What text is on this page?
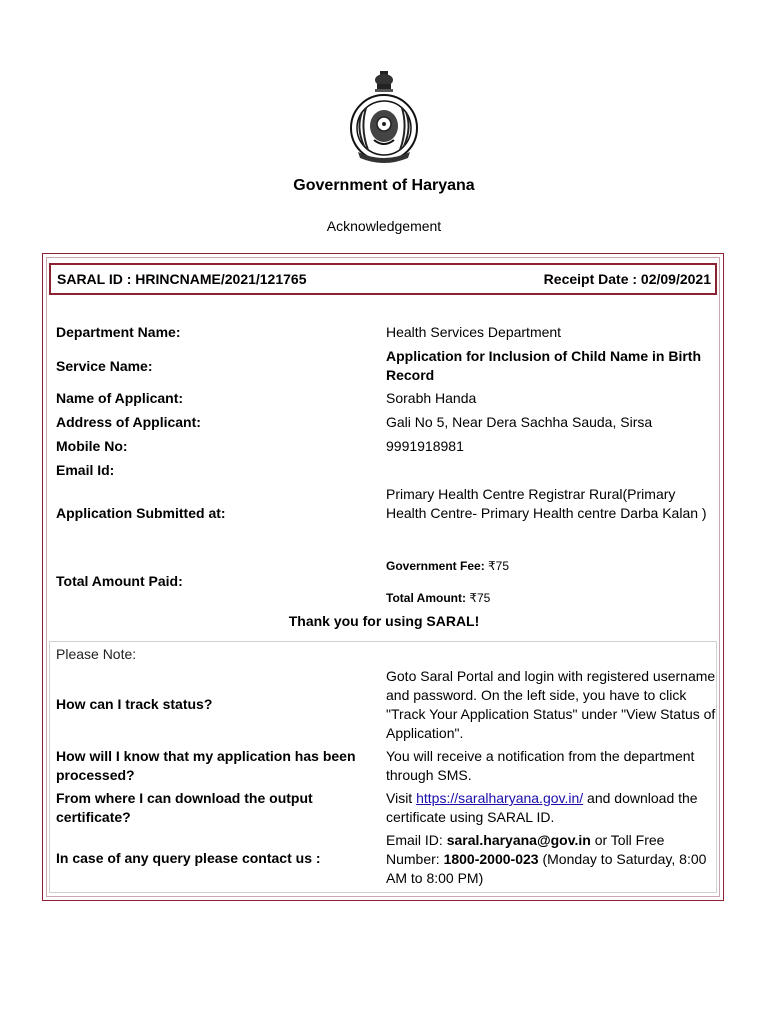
Government of Haryana
Acknowledgement
SARAL ID : HRINCNAME/2021/121765	Receipt Date : 02/09/2021
Department Name:	Health Services Department
Service Name:
Application for Inclusion of Child Name in Birth Record
Name of Applicant:	Sorabh Handa
Address of Applicant:	Gali No 5, Near Dera Sachha Sauda, Sirsa
Mobile No:	9991918981
Email Id:
Application Submitted at:
Primary Health Centre Registrar Rural(Primary Health Centre- Primary Health centre Darba Kalan )
Total Amount Paid:
Government Fee: ₹75
Total Amount: ₹75
Thank you for using SARAL!
Please Note:
How can I track status?
Goto Saral Portal and login with registered username and password. On the left side, you have to click "Track Your Application Status" under "View Status of Application".
How will I know that my application has been processed?
You will receive a notification from the department through SMS.
From where I can download the output certificate?
Visit https://saralharyana.gov.in/ and download the certificate using SARAL ID.
In case of any query please contact us :
Email ID: saral.haryana@gov.in or Toll Free Number: 1800-2000-023 (Monday to Saturday, 8:00 AM to 8:00 PM)
